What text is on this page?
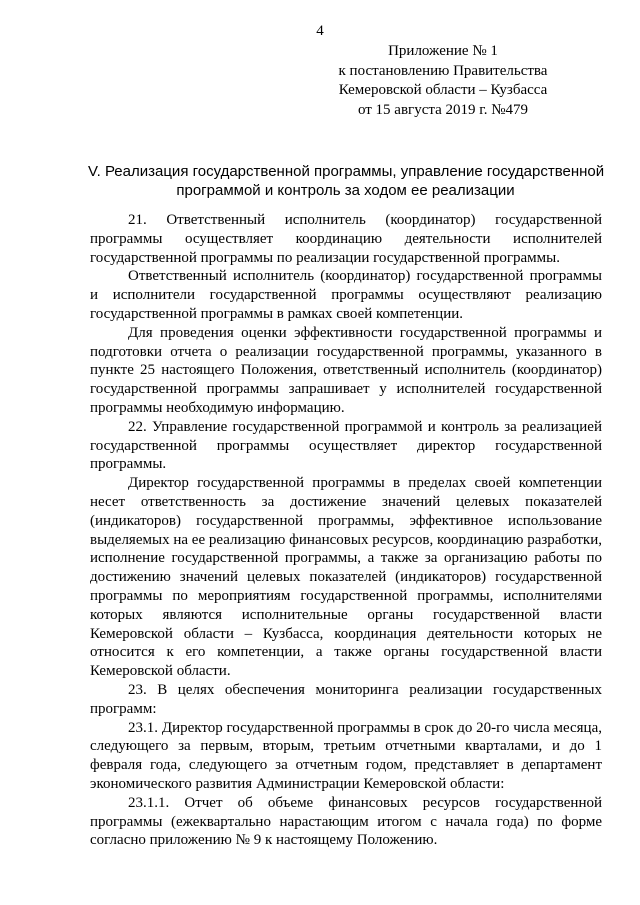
4
Приложение № 1
к постановлению Правительства
Кемеровской области – Кузбасса
от 15 августа 2019 г. №479
V. Реализация государственной программы, управление государственной
программой и контроль за ходом ее реализации

21. Ответственный исполнитель (координатор) государственной программы осуществляет координацию деятельности исполнителей государственной программы по реализации государственной программы.

Ответственный исполнитель (координатор) государственной программы и исполнители государственной программы осуществляют реализацию государственной программы в рамках своей компетенции.

Для проведения оценки эффективности государственной программы и подготовки отчета о реализации государственной программы, указанного в пункте 25 настоящего Положения, ответственный исполнитель (координатор) государственной программы запрашивает у исполнителей государственной программы необходимую информацию.

22. Управление государственной программой и контроль за реализацией государственной программы осуществляет директор государственной программы.

Директор государственной программы в пределах своей компетенции несет ответственность за достижение значений целевых показателей (индикаторов) государственной программы, эффективное использование выделяемых на ее реализацию финансовых ресурсов, координацию разработки, исполнение государственной программы, а также за организацию работы по достижению значений целевых показателей (индикаторов) государственной программы по мероприятиям государственной программы, исполнителями которых являются исполнительные органы государственной власти Кемеровской области – Кузбасса, координация деятельности которых не относится к его компетенции, а также органы государственной власти Кемеровской области.

23. В целях обеспечения мониторинга реализации государственных программ:

23.1. Директор государственной программы в срок до 20-го числа месяца, следующего за первым, вторым, третьим отчетными кварталами, и до 1 февраля года, следующего за отчетным годом, представляет в департамент экономического развития Администрации Кемеровской области:

23.1.1. Отчет об объеме финансовых ресурсов государственной программы (ежеквартально нарастающим итогом с начала года) по форме согласно приложению № 9 к настоящему Положению.
